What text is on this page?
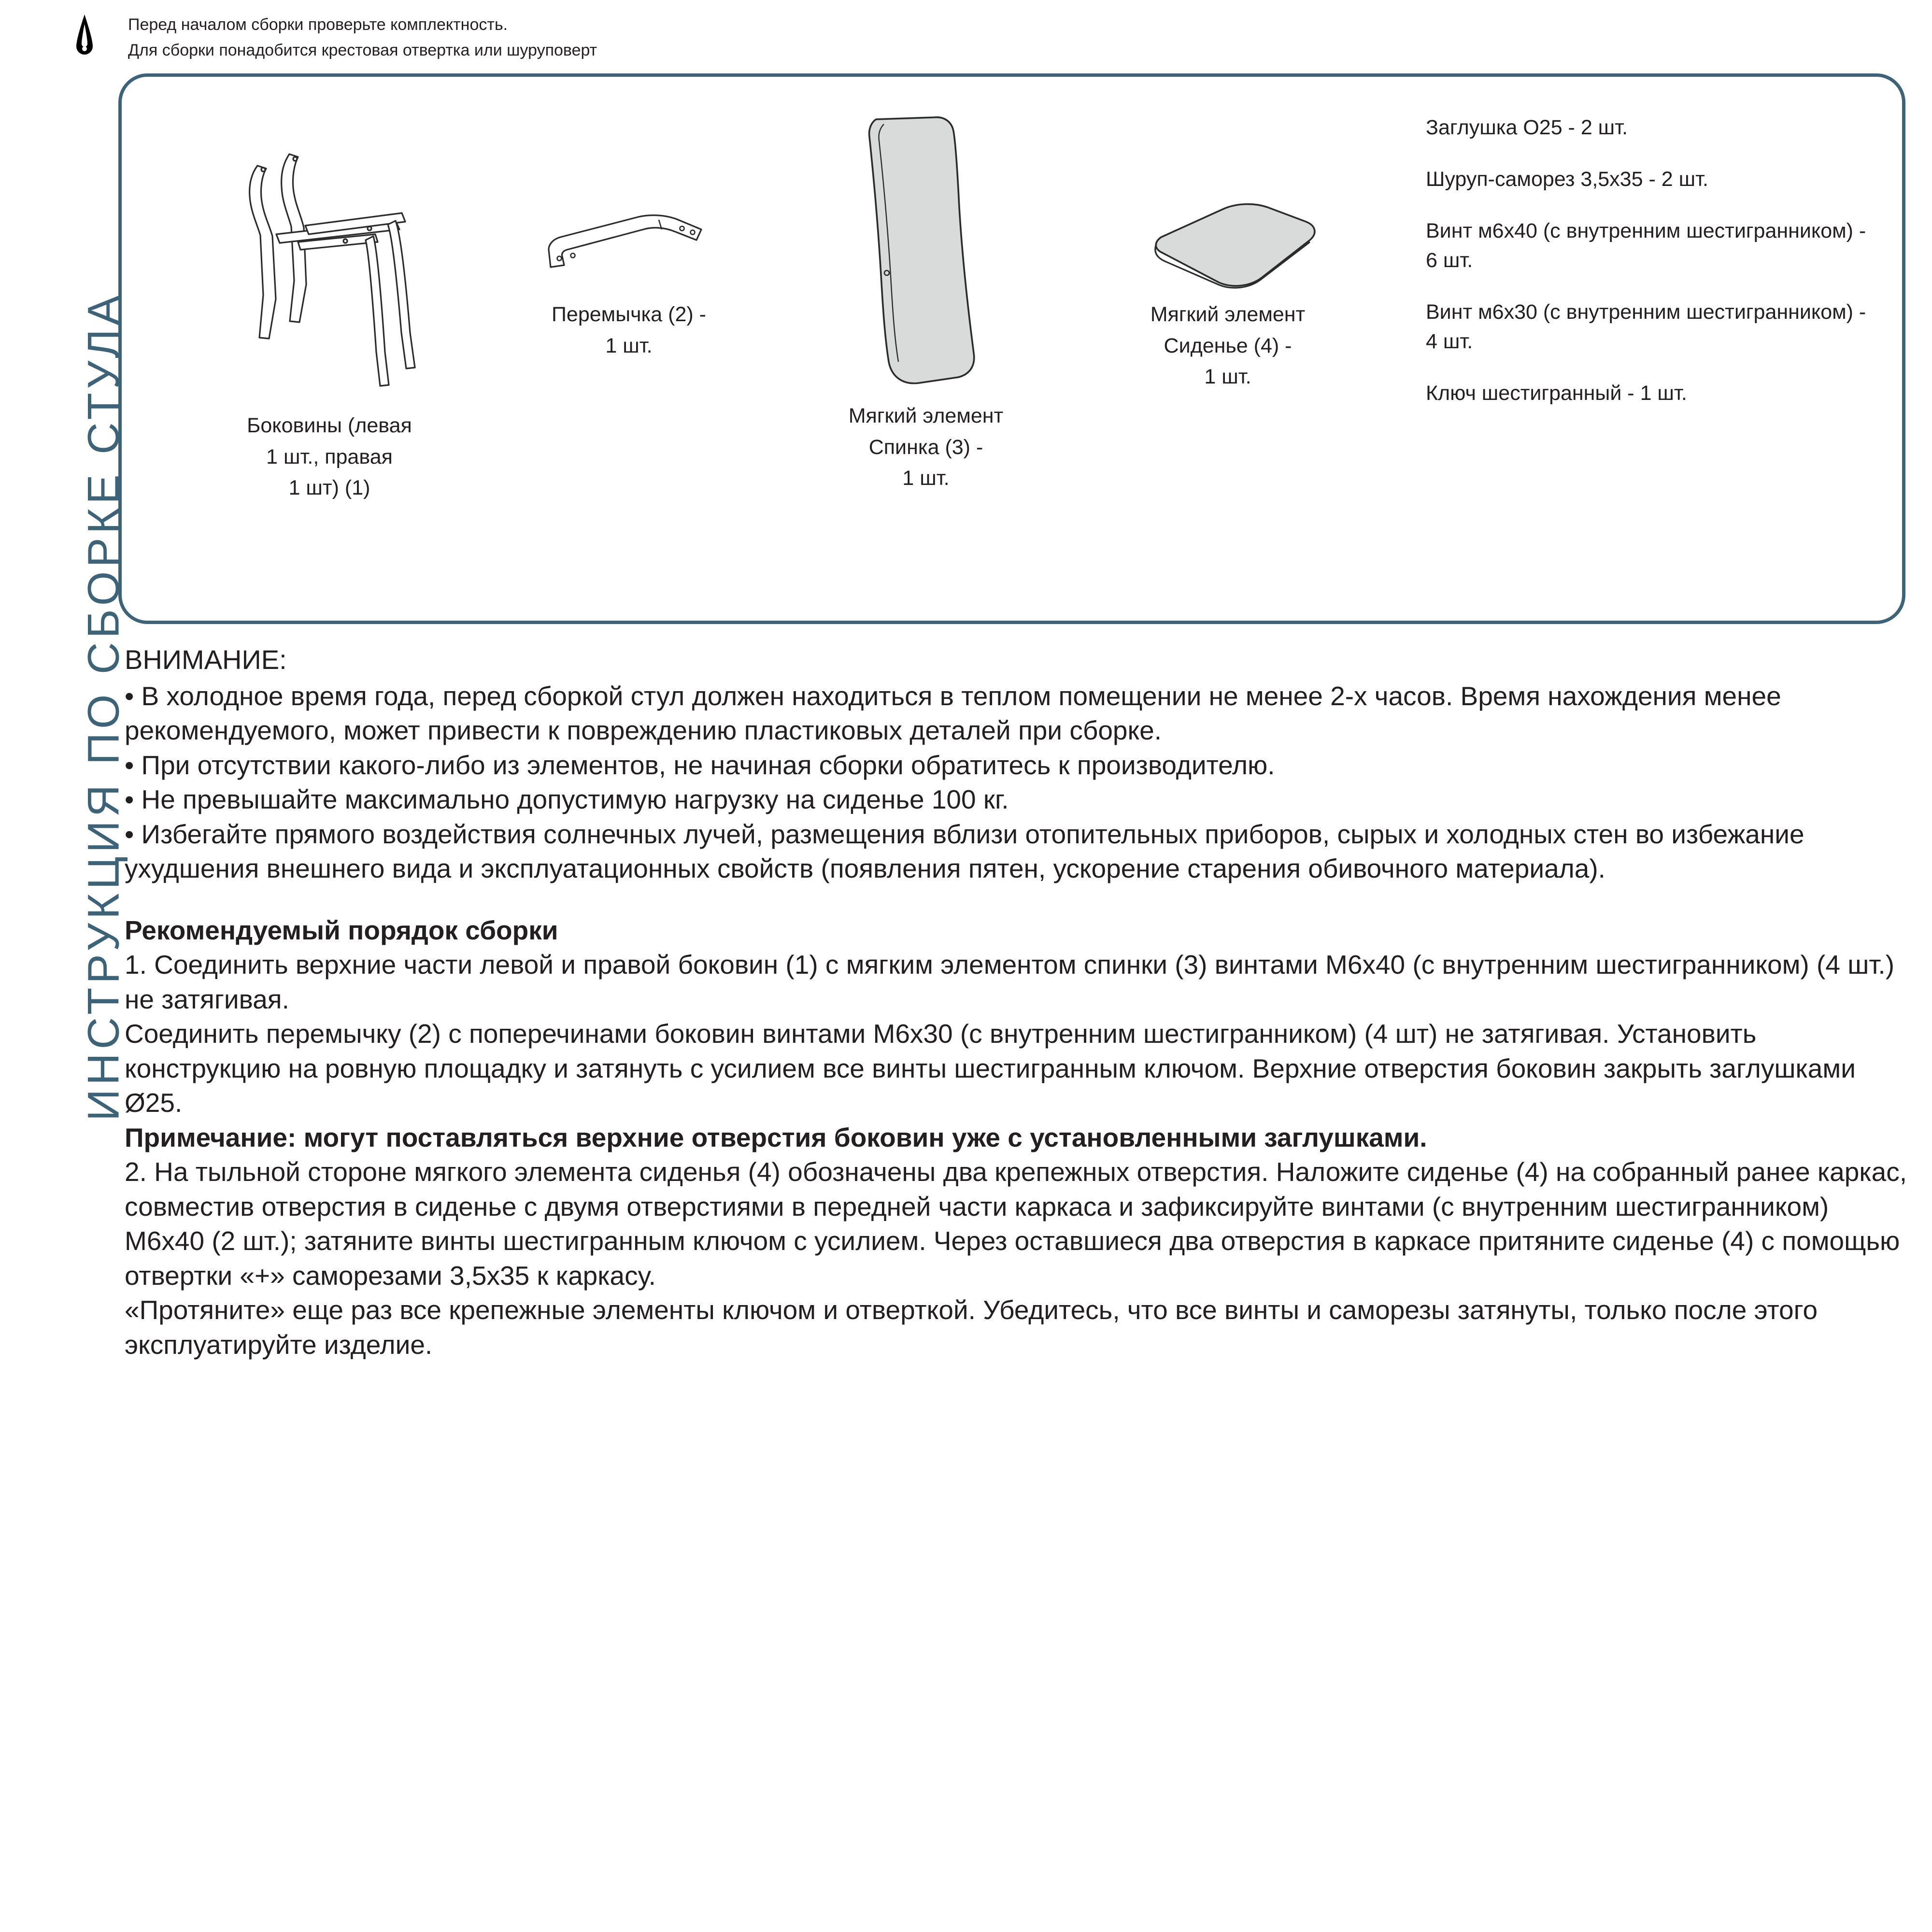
Перед началом сборки проверьте комплектность.
Для сборки понадобится крестовая отвертка или шуруповерт
ИНСТРУКЦИЯ ПО СБОРКЕ СТУЛА	Боковины (левая
1 шт., правая
1 шт) (1)
Перемычка (2) -
1 шт.
Мягкий элемент
Спинка (3) -
1 шт.
Мягкий элемент
Сиденье (4) -
1 шт.
Заглушка О25 - 2 шт.
Шуруп-саморез 3,5х35 - 2 шт.
Винт м6х40 (с внутренним шестигранником) - 6 шт.
Винт м6х30 (с внутренним шестигранником) - 4 шт.
Ключ шестигранный - 1 шт.
ВНИМАНИЕ:

• В холодное время года, перед сборкой стул должен находиться в теплом помещении не менее 2-х часов. Время нахождения менее рекомендуемого, может привести к повреждению пластиковых деталей при сборке.

• При отсутствии какого-либо из элементов, не начиная сборки обратитесь к производителю.

• Не превышайте максимально допустимую нагрузку на сиденье 100 кг.

• Избегайте прямого воздействия солнечных лучей, размещения вблизи отопительных приборов, сырых и холодных стен во избежание ухудшения внешнего вида и эксплуатационных свойств (появления пятен, ускорение старения обивочного материала).

Рекомендуемый порядок сборки

1. Соединить верхние части левой и правой боковин (1) с мягким элементом спинки (3) винтами М6х40 (с внутренним шестигранником) (4 шт.) не затягивая.

Соединить перемычку (2) с поперечинами боковин винтами М6х30 (с внутренним шестигранником) (4 шт) не затягивая. Установить конструкцию на ровную площадку и затянуть с усилием все винты шестигранным ключом. Верхние отверстия боковин закрыть заглушками Ø25.

Примечание: могут поставляться верхние отверстия боковин уже с установленными заглушками.

2. На тыльной стороне мягкого элемента сиденья (4) обозначены два крепежных отверстия. Наложите сиденье (4) на собранный ранее каркас, совместив отверстия в сиденье с двумя отверстиями в передней части каркаса и зафиксируйте винтами (с внутренним шестигранником) М6х40 (2 шт.); затяните винты шестигранным ключом с усилием. Через оставшиеся два отверстия в каркасе притяните сиденье (4) с помощью отвертки «+» саморезами 3,5х35 к каркасу.

«Протяните» еще раз все крепежные элементы ключом и отверткой. Убедитесь, что все винты и саморезы затянуты, только после этого эксплуатируйте изделие.
